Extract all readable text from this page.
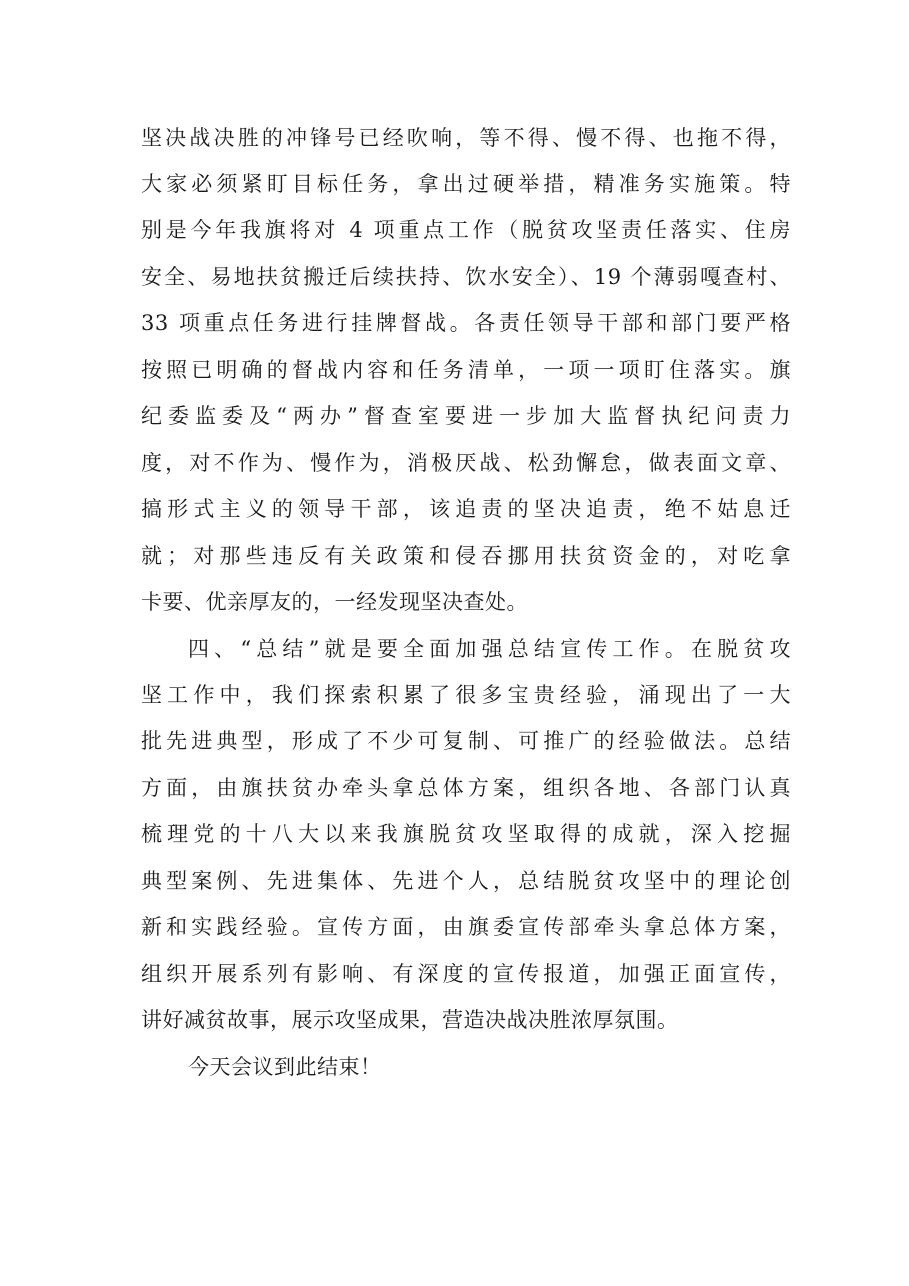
坚决战决胜的冲锋号已经吹响，等不得、慢不得、也拖不得，
大家必须紧盯目标任务，拿出过硬举措，精准务实施策。特
别是今年我旗将对 4 项重点工作（脱贫攻坚责任落实、住房
安全、易地扶贫搬迁后续扶持、饮水安全）、19 个薄弱嘎查村、
33 项重点任务进行挂牌督战。各责任领导干部和部门要严格
按照已明确的督战内容和任务清单，一项一项盯住落实。旗
纪委监委及“两办”督查室要进一步加大监督执纪问责力
度，对不作为、慢作为，消极厌战、松劲懈怠，做表面文章、
搞形式主义的领导干部，该追责的坚决追责，绝不姑息迁
就；对那些违反有关政策和侵吞挪用扶贫资金的，对吃拿
卡要、优亲厚友的，一经发现坚决查处。
四、“总结”就是要全面加强总结宣传工作。在脱贫攻
坚工作中，我们探索积累了很多宝贵经验，涌现出了一大
批先进典型，形成了不少可复制、可推广的经验做法。总结
方面，由旗扶贫办牵头拿总体方案，组织各地、各部门认真
梳理党的十八大以来我旗脱贫攻坚取得的成就，深入挖掘
典型案例、先进集体、先进个人，总结脱贫攻坚中的理论创
新和实践经验。宣传方面，由旗委宣传部牵头拿总体方案，
组织开展系列有影响、有深度的宣传报道，加强正面宣传，
讲好减贫故事，展示攻坚成果，营造决战决胜浓厚氛围。
今天会议到此结束！
